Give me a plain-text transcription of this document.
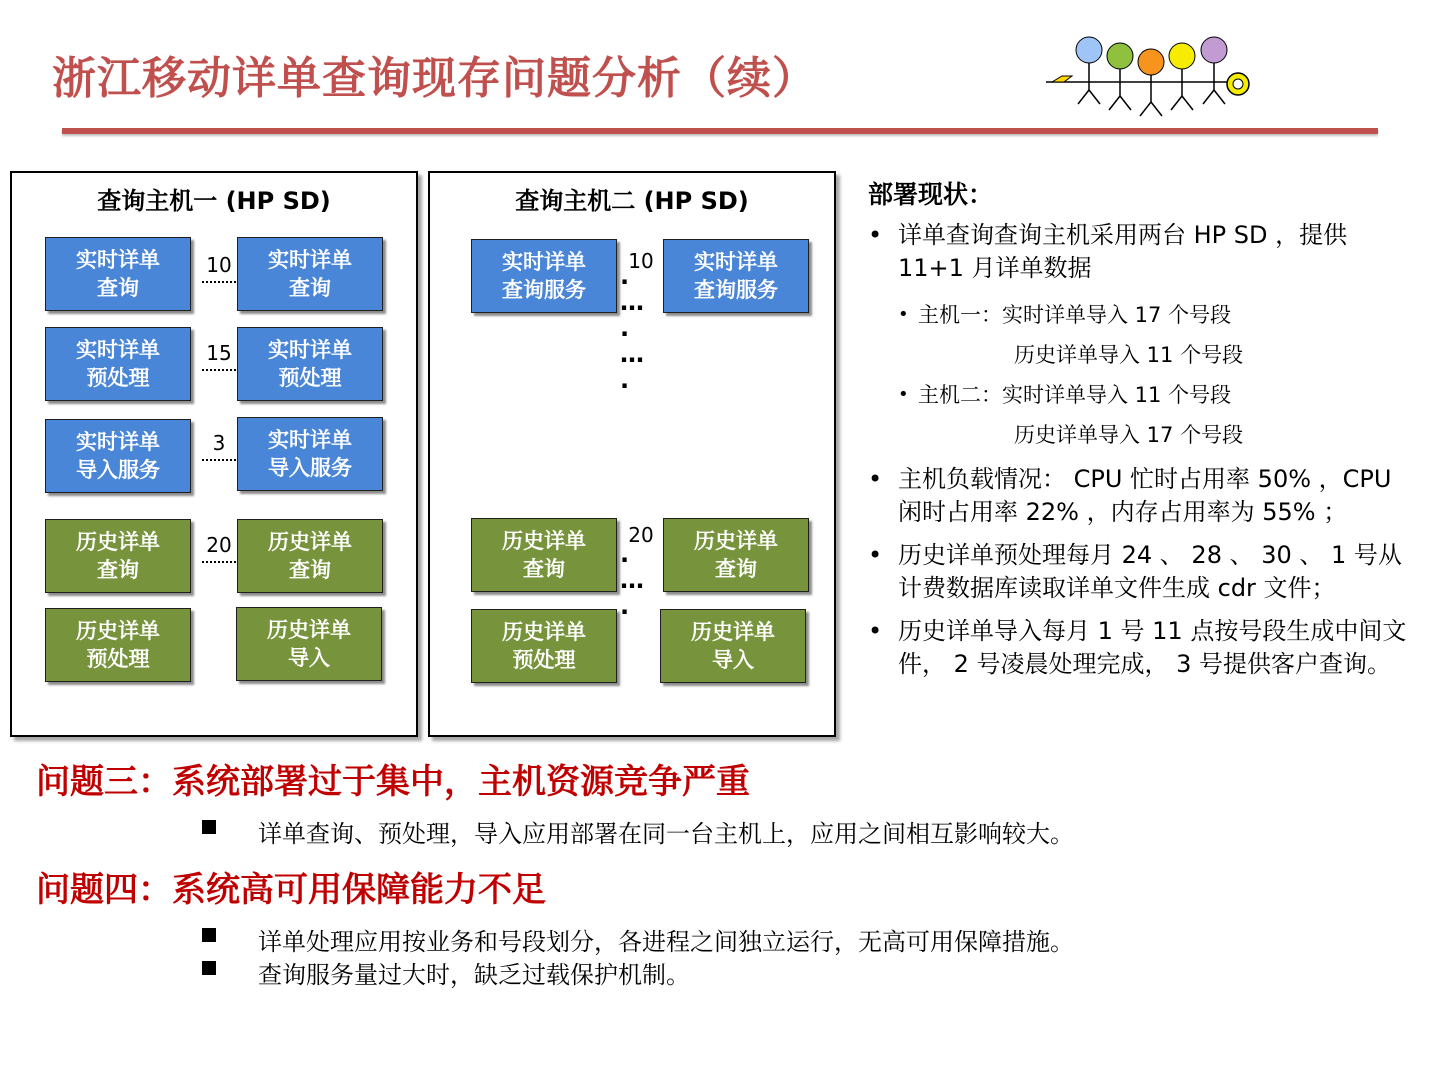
浙江移动详单查询现存问题分析（续）
查询主机一 (HP SD)
实时详单
查询
10 实时详单
查询
实时详单
预处理
15 实时详单
预处理
实时详单
导入服务
3	实时详单
导入服务
历史详单
查询
20 历史详单
查询
历史详单
预处理
历史详单
导入
查询主机二 (HP SD)
实时详单
查询服务
10 实时详单
查询服务
.
…
.
…
.
历史详单
查询
20
.
…
.
历史详单
查询
历史详单
预处理
历史详单
导入
部署现状：
• 详单查询查询主机采用两台 HP SD ，提供 11+1 月详单数据
• 主机一：实时详单导入 17 个号段
历史详单导入 11 个号段
• 主机二：实时详单导入 11 个号段
历史详单导入 17 个号段
• 主机负载情况： CPU 忙时占用率 50% ，CPU 闲时占用率 22% ，内存占用率为 55% ；
• 历史详单预处理每月 24 、 28 、 30 、 1 号从计费数据库读取详单文件生成 cdr 文件；
• 历史详单导入每月 1 号 11 点按号段生成中间文件， 2 号凌晨处理完成， 3 号提供客户查询。
问题三：系统部署过于集中，主机资源竞争严重
详单查询、预处理，导入应用部署在同一台主机上，应用之间相互影响较大。
问题四：系统高可用保障能力不足
详单处理应用按业务和号段划分，各进程之间独立运行，无高可用保障措施。
查询服务量过大时，缺乏过载保护机制。
